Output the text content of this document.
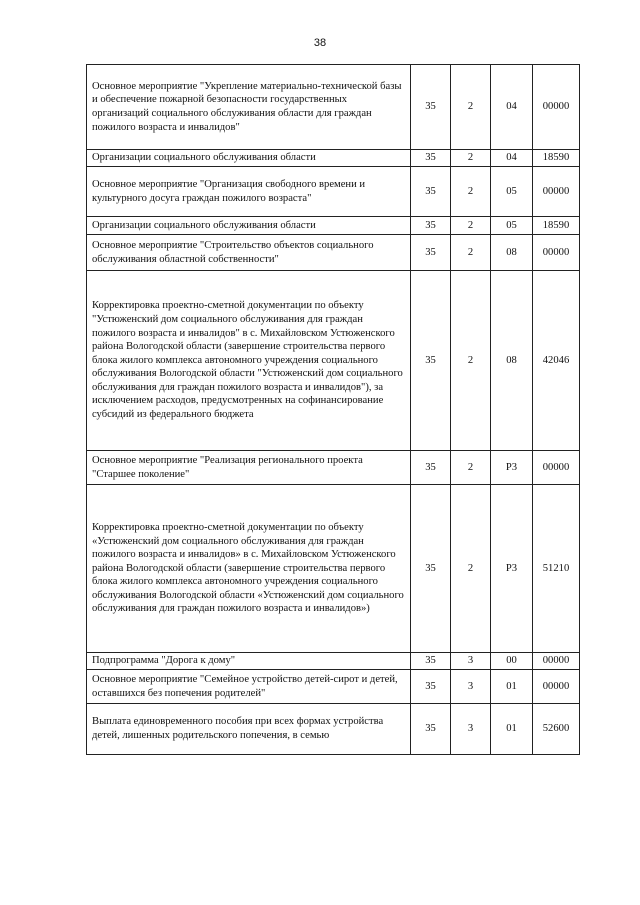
38
Основное мероприятие "Укрепление материально-технической базы и обеспечение пожарной безопасности государственных организаций социального обслуживания области для граждан пожилого возраста и инвалидов"	35	2	04	00000
Организации социального обслуживания области	35	2	04	18590
Основное мероприятие "Организация свободного времени и культурного досуга граждан пожилого возраста"	35	2	05	00000
Организации социального обслуживания области	35	2	05	18590
Основное мероприятие "Строительство объектов социального обслуживания областной собственности"	35	2	08	00000
Корректировка проектно-сметной документации по объекту "Устюженский дом социального обслуживания для граждан пожилого возраста и инвалидов" в с. Михайловском Устюженского района Вологодской области (завершение строительства первого блока жилого комплекса автономного учреждения социального обслуживания Вологодской области "Устюженский дом социального обслуживания для граждан пожилого возраста и инвалидов"), за исключением расходов, предусмотренных на софинансирование субсидий из федерального бюджета	35	2	08	42046
Основное мероприятие "Реализация регионального проекта "Старшее поколение"	35	2	P3	00000
Корректировка проектно-сметной документации по объекту «Устюженский дом социального обслуживания для граждан пожилого возраста и инвалидов» в с. Михайловском Устюженского района Вологодской области (завершение строительства первого блока жилого комплекса автономного учреждения социального обслуживания Вологодской области «Устюженский дом социального обслуживания для граждан пожилого возраста и инвалидов»)	35	2	P3	51210
Подпрограмма "Дорога к дому"	35	3	00	00000
Основное мероприятие "Семейное устройство детей-сирот и детей, оставшихся без попечения родителей"	35	3	01	00000
Выплата единовременного пособия при всех формах устройства детей, лишенных родительского попечения, в семью	35	3	01	52600
